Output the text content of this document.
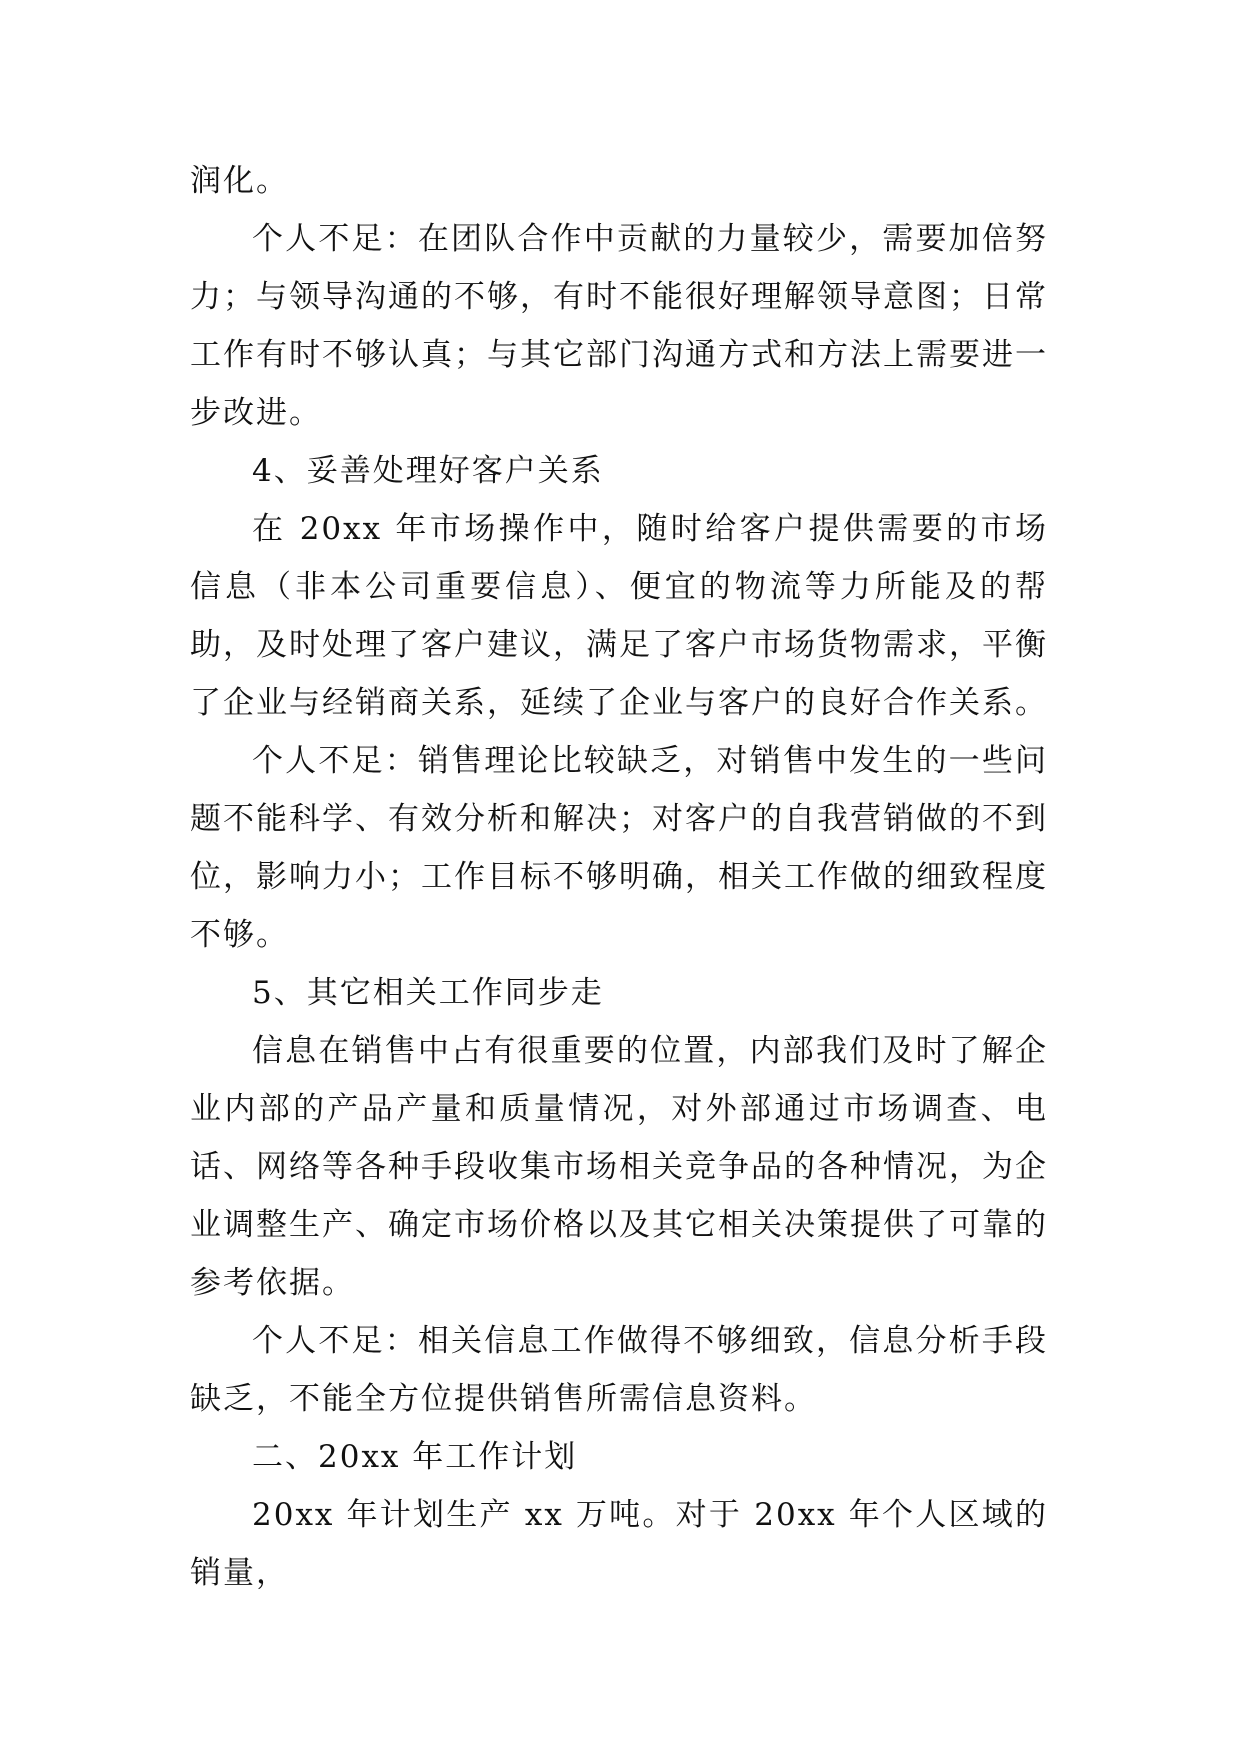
润化。

个人不足：在团队合作中贡献的力量较少，需要加倍努力；与领导沟通的不够，有时不能很好理解领导意图；日常工作有时不够认真；与其它部门沟通方式和方法上需要进一步改进。

4、妥善处理好客户关系

在 20xx 年市场操作中，随时给客户提供需要的市场信息（非本公司重要信息）、便宜的物流等力所能及的帮助，及时处理了客户建议，满足了客户市场货物需求，平衡了企业与经销商关系，延续了企业与客户的良好合作关系。

个人不足：销售理论比较缺乏，对销售中发生的一些问题不能科学、有效分析和解决；对客户的自我营销做的不到位，影响力小；工作目标不够明确，相关工作做的细致程度不够。

5、其它相关工作同步走

信息在销售中占有很重要的位置，内部我们及时了解企业内部的产品产量和质量情况，对外部通过市场调查、电话、网络等各种手段收集市场相关竞争品的各种情况，为企业调整生产、确定市场价格以及其它相关决策提供了可靠的参考依据。

个人不足：相关信息工作做得不够细致，信息分析手段缺乏，不能全方位提供销售所需信息资料。

二、20xx 年工作计划

20xx 年计划生产 xx 万吨。对于 20xx 年个人区域的销量，
